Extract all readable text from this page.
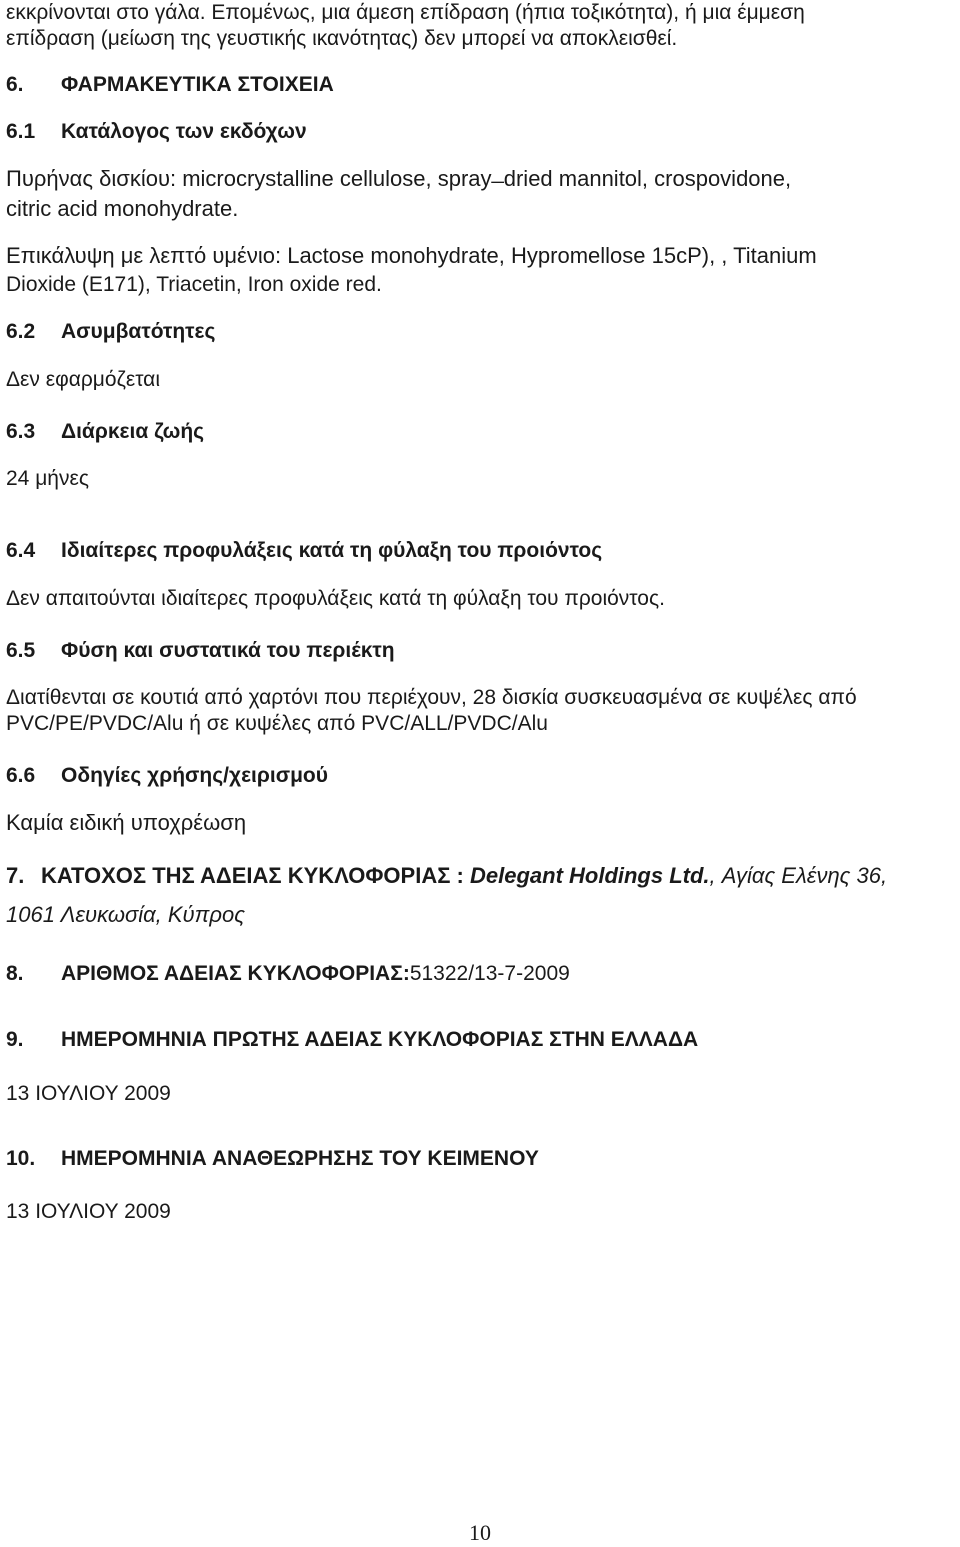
εκκρίνονται στο γάλα. Επομένως, μια άμεση επίδραση (ήπια τοξικότητα), ή μια έμμεση
επίδραση (μείωση της γευστικής ικανότητας) δεν μπορεί να αποκλεισθεί.
6. ΦΑΡΜΑΚΕΥΤΙΚΑ ΣΤΟΙΧΕΙΑ
6.1 Κατάλογος των εκδόχων
Πυρήνας δισκίου: microcrystalline cellulose, spray ̶ dried mannitol, crospovidone,
citric acid monohydrate.
Επικάλυψη με λεπτό υμένιο: Lactose monohydrate, Hypromellose 15cP), , Titanium
Dioxide (E171), Triacetin, Iron oxide red.
6.2 Ασυμβατότητες
Δεν εφαρμόζεται
6.3 Διάρκεια ζωής
24 μήνες
6.4 Ιδιαίτερες προφυλάξεις κατά τη φύλαξη του προιόντος
Δεν απαιτούνται ιδιαίτερες προφυλάξεις κατά τη φύλαξη του προιόντος.
6.5 Φύση και συστατικά του περιέκτη
Διατίθενται σε κουτιά από χαρτόνι που περιέχουν, 28 δισκία συσκευασμένα σε κυψέλες από
PVC/PE/PVDC/Alu ή σε κυψέλες από PVC/ALL/PVDC/Alu
6.6 Οδηγίες χρήσης/χειρισμού
Καμία ειδική υποχρέωση
7. ΚΑΤΟΧΟΣ ΤΗΣ ΑΔΕΙΑΣ ΚΥΚΛΟΦΟΡΙΑΣ : Delegant Holdings Ltd., Αγίας Ελένης 36,
1061 Λευκωσία, Κύπρος
8. ΑΡΙΘΜΟΣ ΑΔΕΙΑΣ ΚΥΚΛΟΦΟΡΙΑΣ:51322/13-7-2009
9. ΗΜΕΡΟΜΗΝΙΑ ΠΡΩΤΗΣ ΑΔΕΙΑΣ ΚΥΚΛΟΦΟΡΙΑΣ ΣΤΗΝ ΕΛΛΑΔΑ
13 ΙΟΥΛΙΟΥ 2009
10. ΗΜΕΡΟΜΗΝΙΑ ΑΝΑΘΕΩΡΗΣΗΣ ΤΟΥ ΚΕΙΜΕΝΟΥ
13 ΙΟΥΛΙΟΥ 2009
10
